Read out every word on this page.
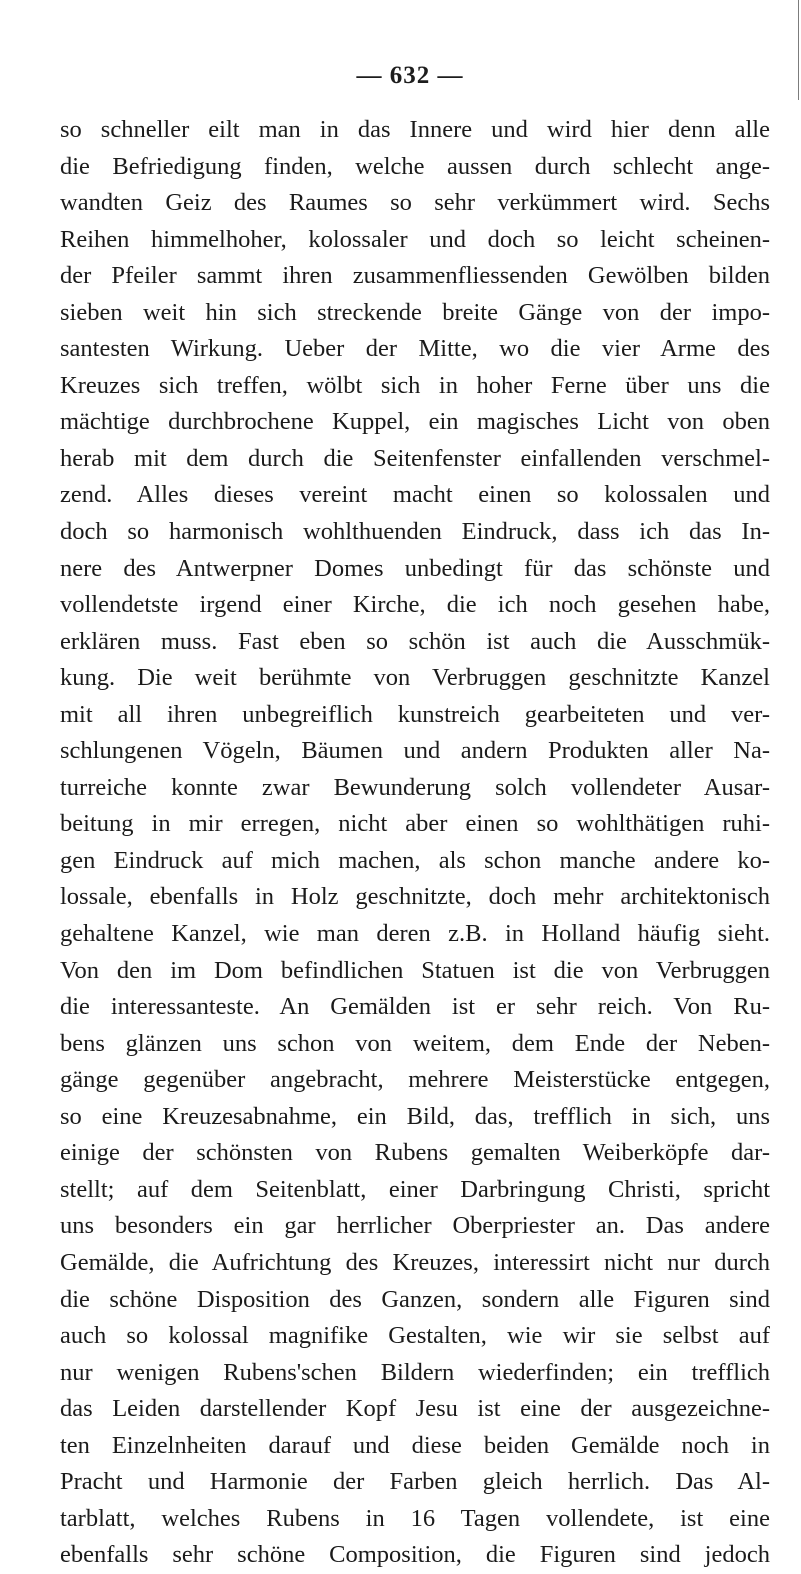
— 632 —
so schneller eilt man in das Innere und wird hier denn alle
die Befriedigung finden, welche aussen durch schlecht ange-
wandten Geiz des Raumes so sehr verkümmert wird. Sechs
Reihen himmelhoher, kolossaler und doch so leicht scheinen-
der Pfeiler sammt ihren zusammenfliessenden Gewölben bilden
sieben weit hin sich streckende breite Gänge von der impo-
santesten Wirkung. Ueber der Mitte, wo die vier Arme des
Kreuzes sich treffen, wölbt sich in hoher Ferne über uns die
mächtige durchbrochene Kuppel, ein magisches Licht von oben
herab mit dem durch die Seitenfenster einfallenden verschmel-
zend. Alles dieses vereint macht einen so kolossalen und
doch so harmonisch wohlthuenden Eindruck, dass ich das In-
nere des Antwerpner Domes unbedingt für das schönste und
vollendetste irgend einer Kirche, die ich noch gesehen habe,
erklären muss. Fast eben so schön ist auch die Ausschmük-
kung. Die weit berühmte von Verbruggen geschnitzte Kanzel
mit all ihren unbegreiflich kunstreich gearbeiteten und ver-
schlungenen Vögeln, Bäumen und andern Produkten aller Na-
turreiche konnte zwar Bewunderung solch vollendeter Ausar-
beitung in mir erregen, nicht aber einen so wohlthätigen ruhi-
gen Eindruck auf mich machen, als schon manche andere ko-
lossale, ebenfalls in Holz geschnitzte, doch mehr architektonisch
gehaltene Kanzel, wie man deren z.B. in Holland häufig sieht.
Von den im Dom befindlichen Statuen ist die von Verbruggen
die interessanteste. An Gemälden ist er sehr reich. Von Ru-
bens glänzen uns schon von weitem, dem Ende der Neben-
gänge gegenüber angebracht, mehrere Meisterstücke entgegen,
so eine Kreuzesabnahme, ein Bild, das, trefflich in sich, uns
einige der schönsten von Rubens gemalten Weiberköpfe dar-
stellt; auf dem Seitenblatt, einer Darbringung Christi, spricht
uns besonders ein gar herrlicher Oberpriester an. Das andere
Gemälde, die Aufrichtung des Kreuzes, interessirt nicht nur durch
die schöne Disposition des Ganzen, sondern alle Figuren sind
auch so kolossal magnifike Gestalten, wie wir sie selbst auf
nur wenigen Rubens'schen Bildern wiederfinden; ein trefflich
das Leiden darstellender Kopf Jesu ist eine der ausgezeichne-
ten Einzelnheiten darauf und diese beiden Gemälde noch in
Pracht und Harmonie der Farben gleich herrlich. Das Al-
tarblatt, welches Rubens in 16 Tagen vollendete, ist eine
ebenfalls sehr schöne Composition, die Figuren sind jedoch
